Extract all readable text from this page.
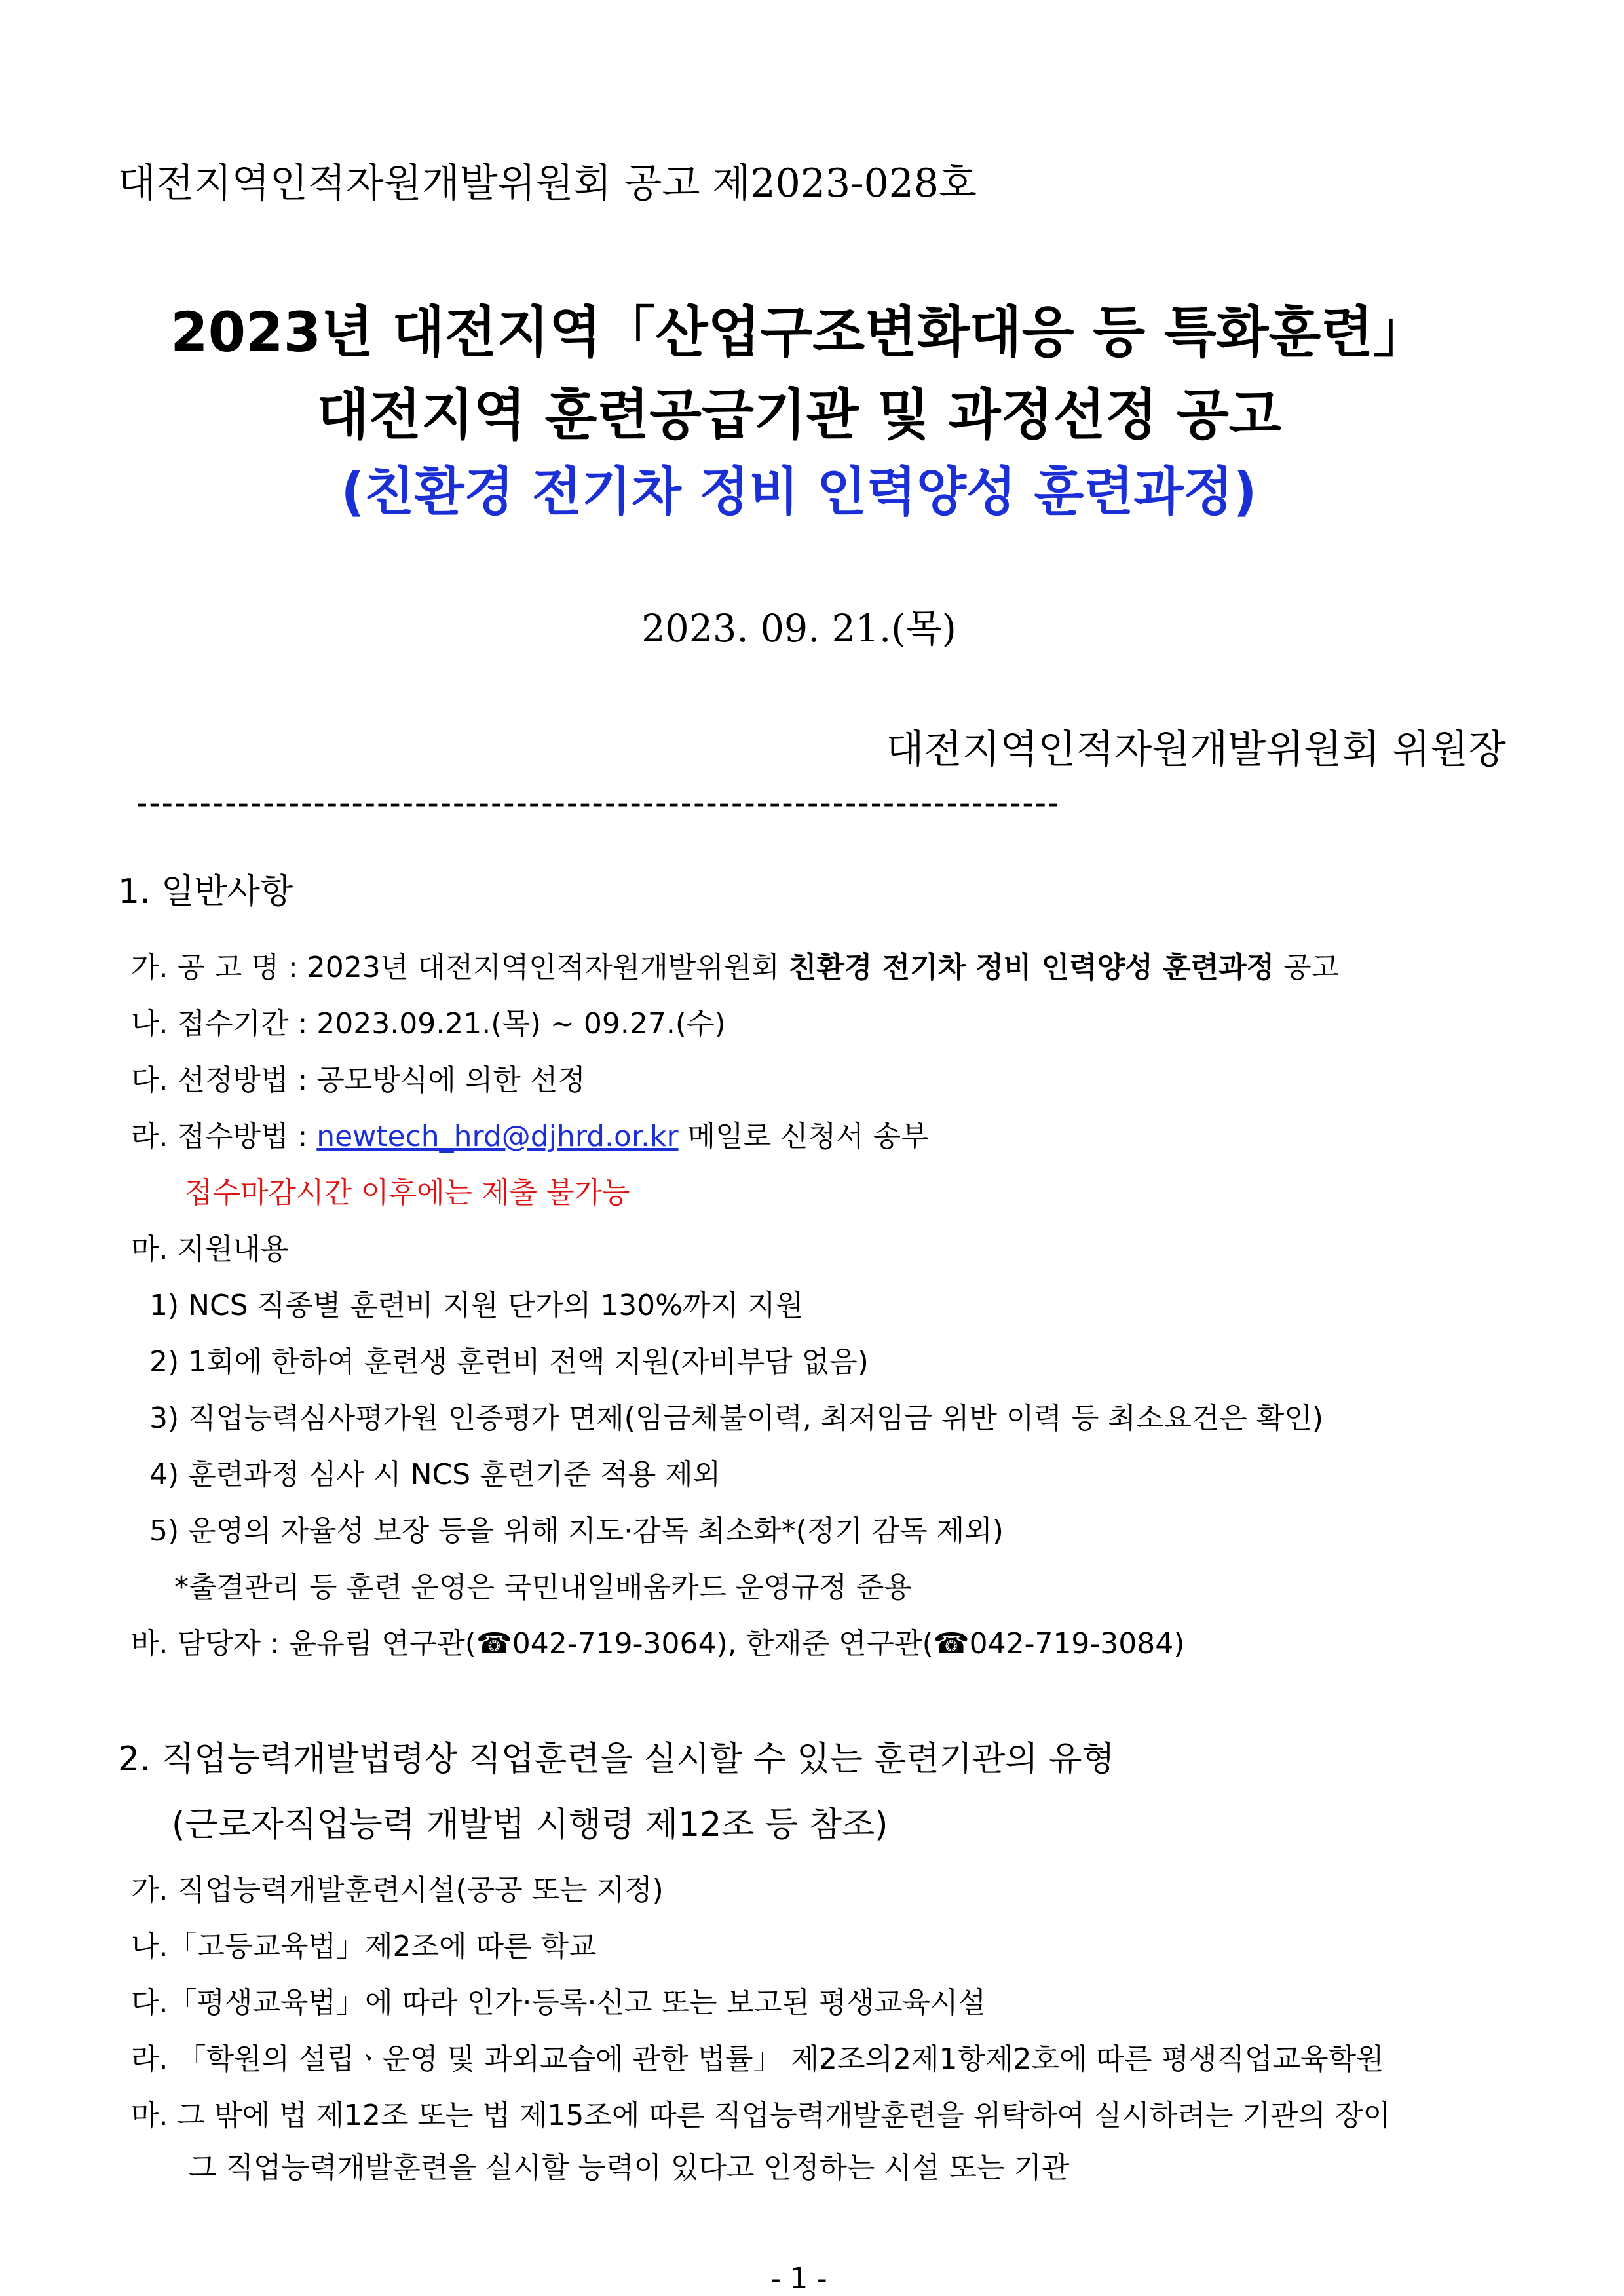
대전지역인적자원개발위원회 공고 제2023-028호
2023년 대전지역「산업구조변화대응 등 특화훈련」
대전지역 훈련공급기관 및 과정선정 공고
(친환경 전기차 정비 인력양성 훈련과정)
2023. 09. 21.(목)
대전지역인적자원개발위원회 위원장
-------------------------------------------------------------------------
1. 일반사항
가. 공 고 명 : 2023년 대전지역인적자원개발위원회 친환경 전기차 정비 인력양성 훈련과정 공고
나. 접수기간 : 2023.09.21.(목) ~ 09.27.(수)
다. 선정방법 : 공모방식에 의한 선정
라. 접수방법 : newtech_hrd@djhrd.or.kr 메일로 신청서 송부
접수마감시간 이후에는 제출 불가능
마. 지원내용
1) NCS 직종별 훈련비 지원 단가의 130%까지 지원
2) 1회에 한하여 훈련생 훈련비 전액 지원(자비부담 없음)
3) 직업능력심사평가원 인증평가 면제(임금체불이력, 최저임금 위반 이력 등 최소요건은 확인)
4) 훈련과정 심사 시 NCS 훈련기준 적용 제외
5) 운영의 자율성 보장 등을 위해 지도·감독 최소화*(정기 감독 제외)
*출결관리 등 훈련 운영은 국민내일배움카드 운영규정 준용
바. 담당자 : 윤유림 연구관(☎042-719-3064), 한재준 연구관(☎042-719-3084)
2. 직업능력개발법령상 직업훈련을 실시할 수 있는 훈련기관의 유형
(근로자직업능력 개발법 시행령 제12조 등 참조)
가. 직업능력개발훈련시설(공공 또는 지정)
나.「고등교육법」제2조에 따른 학교
다.「평생교육법」에 따라 인가·등록·신고 또는 보고된 평생교육시설
라. 「학원의 설립ㆍ운영 및 과외교습에 관한 법률」 제2조의2제1항제2호에 따른 평생직업교육학원
마. 그 밖에 법 제12조 또는 법 제15조에 따른 직업능력개발훈련을 위탁하여 실시하려는 기관의 장이
그 직업능력개발훈련을 실시할 능력이 있다고 인정하는 시설 또는 기관
- 1 -
